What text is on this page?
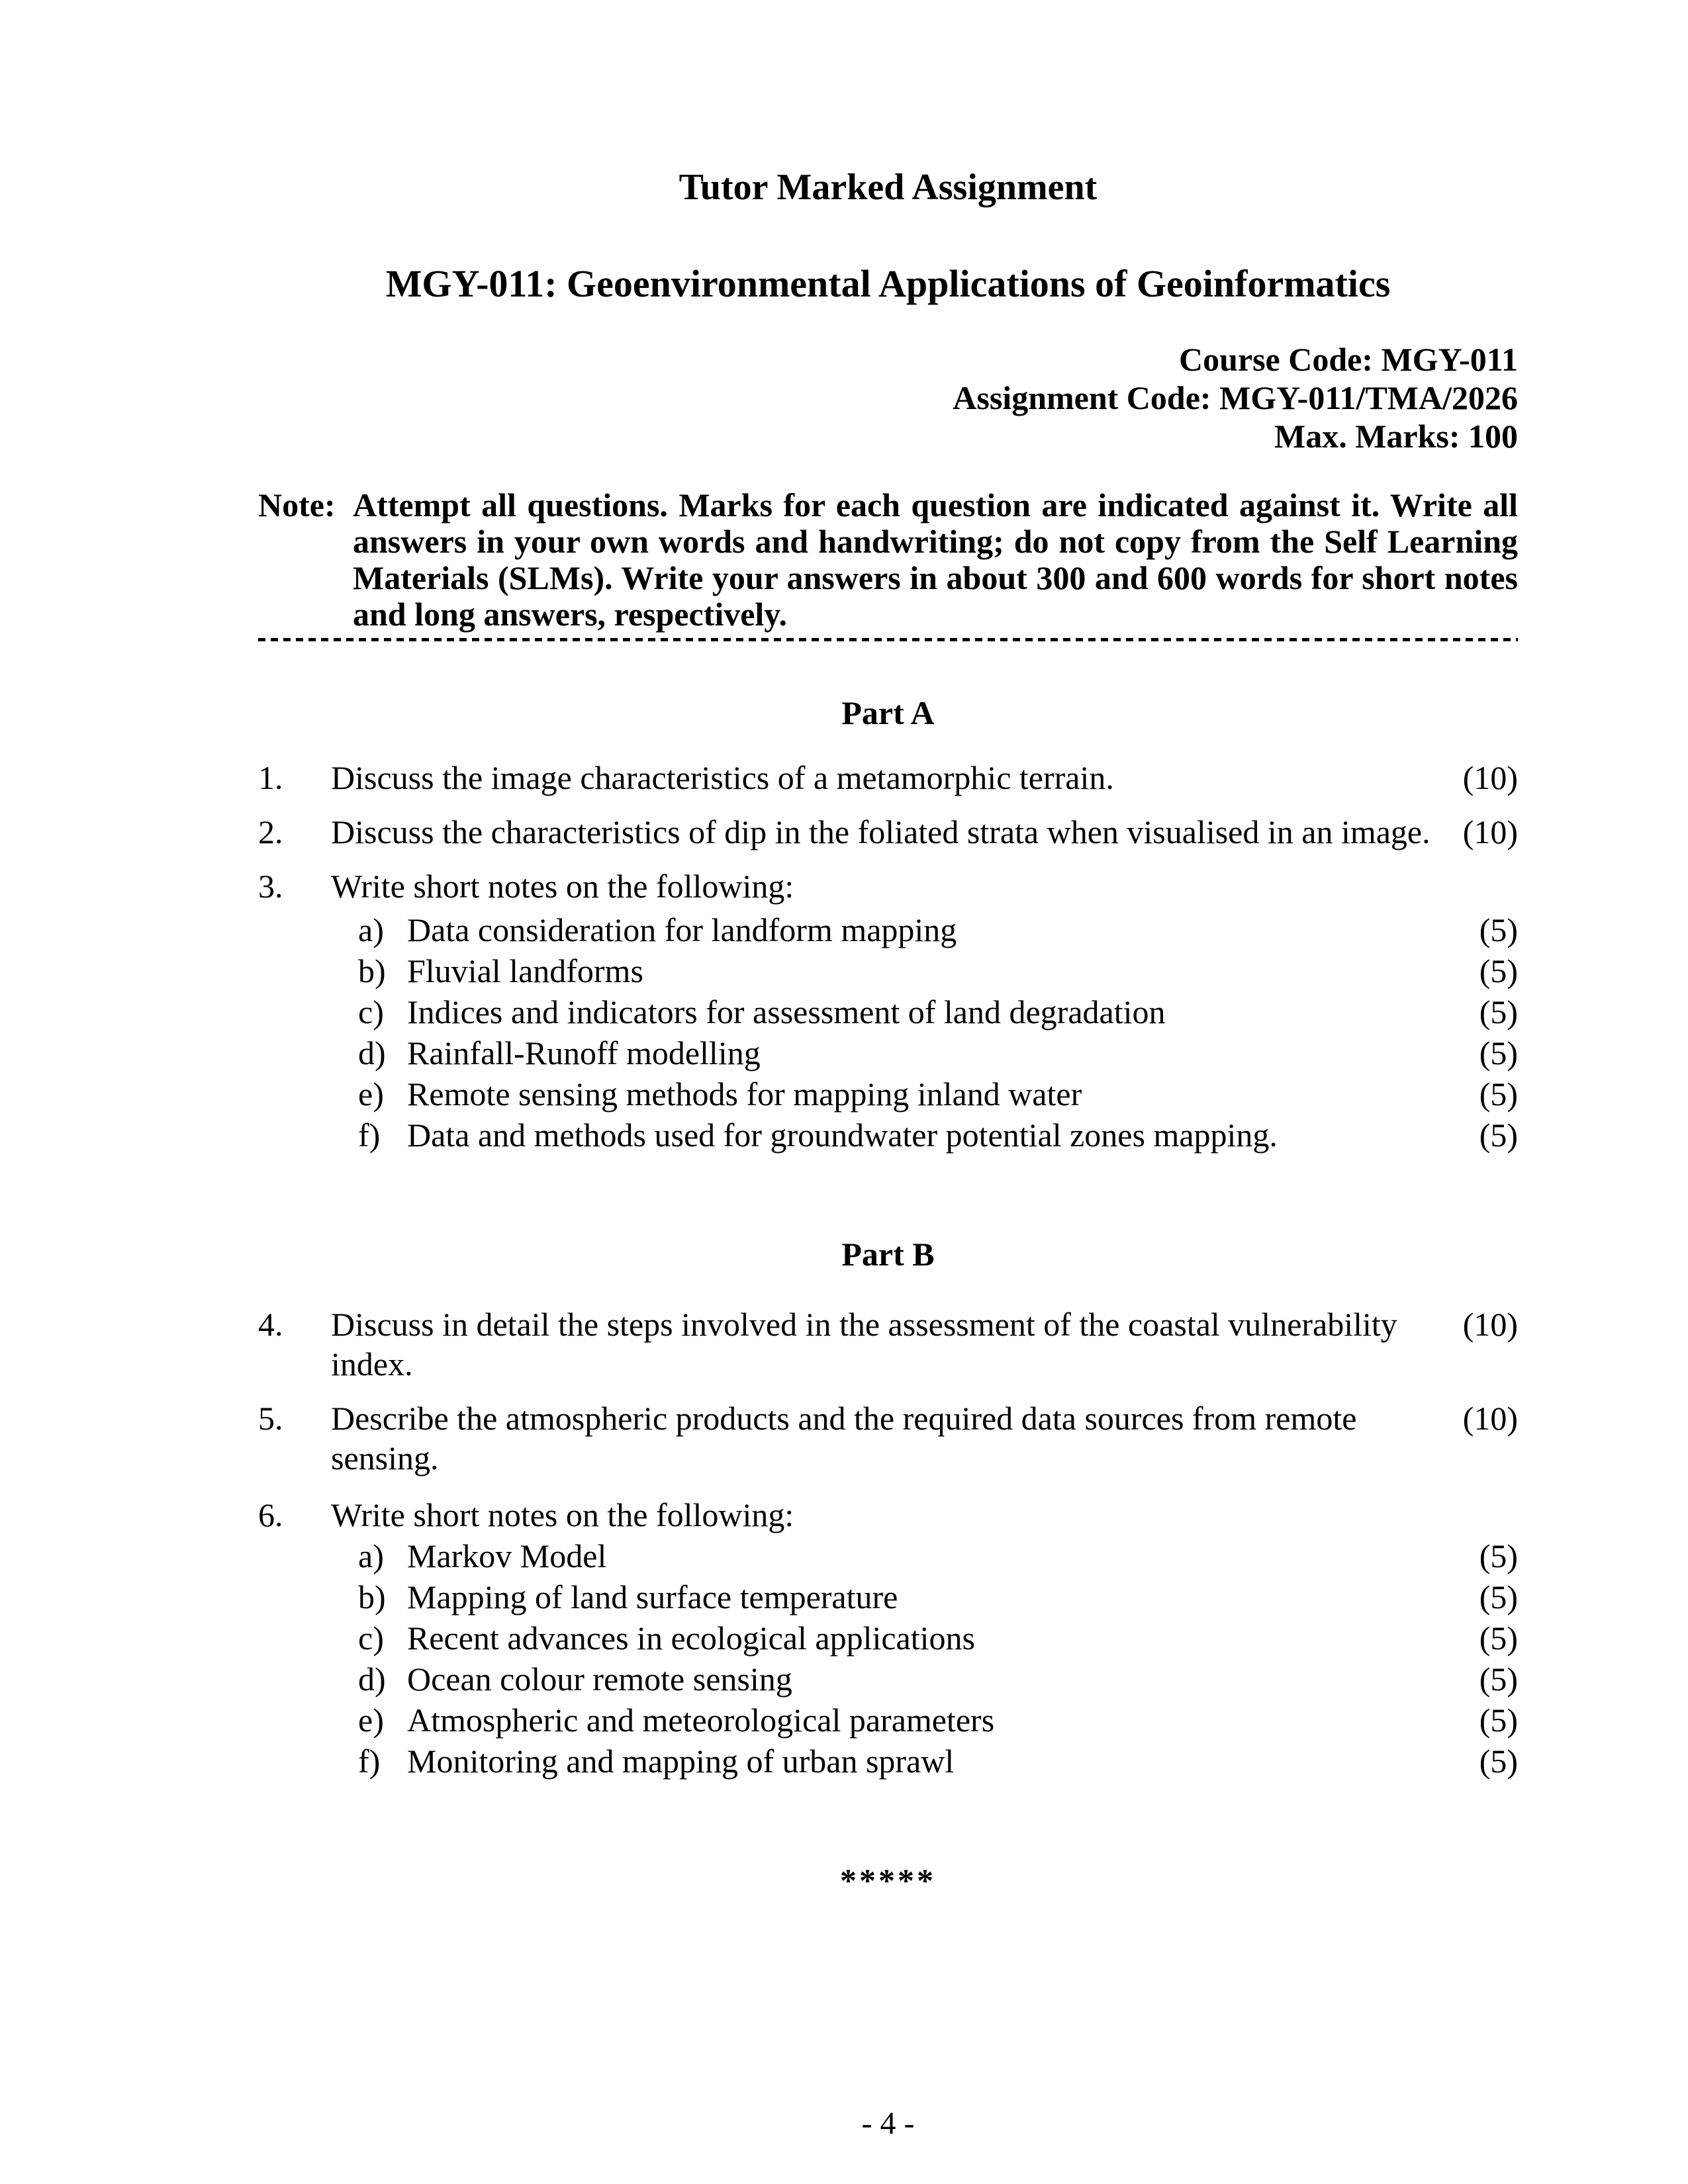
Tutor Marked Assignment
MGY-011: Geoenvironmental Applications of Geoinformatics
Course Code: MGY-011
Assignment Code: MGY-011/TMA/2026
Max. Marks: 100
Note: Attempt all questions. Marks for each question are indicated against it. Write all answers in your own words and handwriting; do not copy from the Self Learning Materials (SLMs). Write your answers in about 300 and 600 words for short notes and long answers, respectively.
Part A
1.	Discuss the image characteristics of a metamorphic terrain.	(10)
2.	Discuss the characteristics of dip in the foliated strata when visualised in an image. (10)
3.	Write short notes on the following:
a) Data consideration for landform mapping	(5)
b) Fluvial landforms	(5)
c) Indices and indicators for assessment of land degradation	(5)
d) Rainfall-Runoff modelling	(5)
e) Remote sensing methods for mapping inland water	(5)
f) Data and methods used for groundwater potential zones mapping.	(5)
Part B
4.	Discuss in detail the steps involved in the assessment of the coastal vulnerability index.
(10)
5.	Describe the atmospheric products and the required data sources from remote sensing.
(10)
6.	Write short notes on the following:
a) Markov Model	(5)
b) Mapping of land surface temperature	(5)
c) Recent advances in ecological applications	(5)
d) Ocean colour remote sensing	(5)
e) Atmospheric and meteorological parameters	(5)
f) Monitoring and mapping of urban sprawl	(5)
*****
- 4 -
